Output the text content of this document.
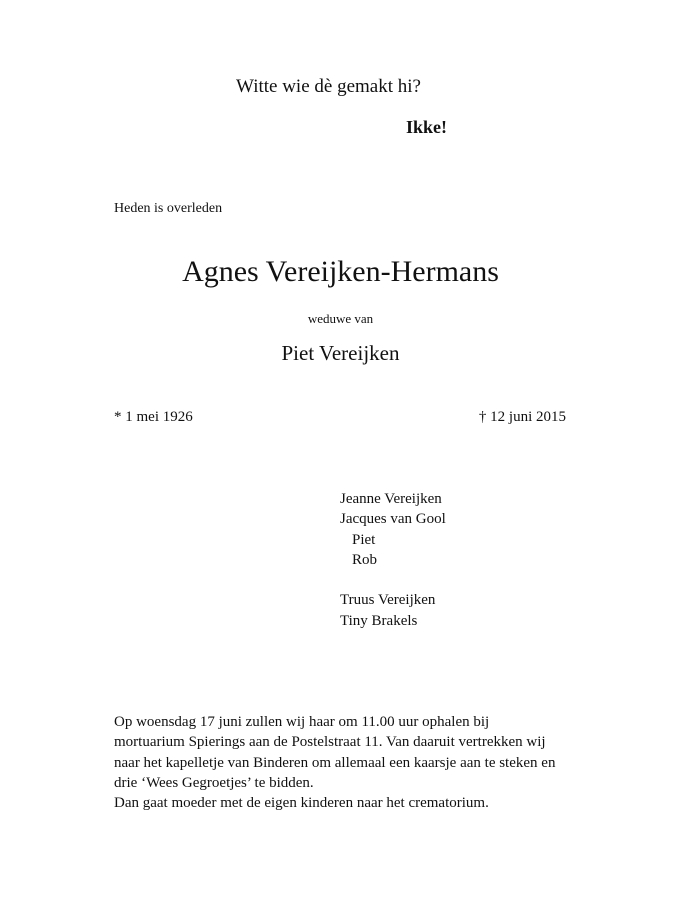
Witte wie dè gemakt hi?
Ikke!
Heden is overleden
Agnes Vereijken-Hermans
weduwe van
Piet Vereijken
* 1 mei 1926	† 12 juni 2015
Jeanne Vereijken
Jacques van Gool
Piet
Rob
Truus Vereijken
Tiny Brakels
Op woensdag 17 juni zullen wij haar om 11.00 uur ophalen bij
mortuarium Spierings aan de Postelstraat 11. Van daaruit vertrekken wij
naar het kapelletje van Binderen om allemaal een kaarsje aan te steken en
drie ‘Wees Gegroetjes’ te bidden.
Dan gaat moeder met de eigen kinderen naar het crematorium.
